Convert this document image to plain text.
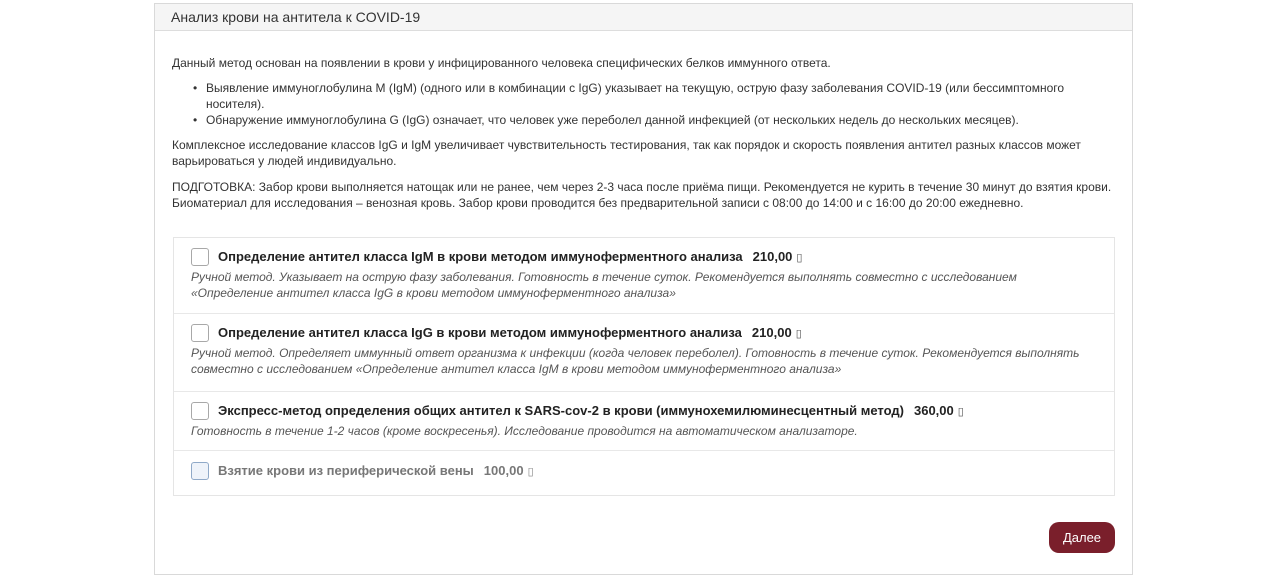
Анализ крови на антитела к COVID-19

Данный метод основан на появлении в крови у инфицированного человека специфических белков иммунного ответа.

• Выявление иммуноглобулина M (IgM) (одного или в комбинации с IgG) указывает на текущую, острую фазу заболевания COVID-19 (или бессимптомного носителя).
• Обнаружение иммуноглобулина G (IgG) означает, что человек уже переболел данной инфекцией (от нескольких недель до нескольких месяцев).

Комплексное исследование классов IgG и IgM увеличивает чувствительность тестирования, так как порядок и скорость появления антител разных классов может варьироваться у людей индивидуально.

ПОДГОТОВКА: Забор крови выполняется натощак или не ранее, чем через 2-3 часа после приёма пищи. Рекомендуется не курить в течение 30 минут до взятия крови. Биоматериал для исследования – венозная кровь. Забор крови проводится без предварительной записи с 08:00 до 14:00 и с 16:00 до 20:00 ежедневно.

Определение антител класса IgM в крови методом иммуноферментного анализа 210,00 ▯
Ручной метод. Указывает на острую фазу заболевания. Готовность в течение суток. Рекомендуется выполнять совместно с исследованием «Определение антител класса IgG в крови методом иммуноферментного анализа»
Определение антител класса IgG в крови методом иммуноферментного анализа 210,00 ▯
Ручной метод. Определяет иммунный ответ организма к инфекции (когда человек переболел). Готовность в течение суток. Рекомендуется выполнять совместно с исследованием «Определение антител класса IgM в крови методом иммуноферментного анализа»
Экспресс-метод определения общих антител к SARS-cov-2 в крови (иммунохемилюминесцентный метод) 360,00 ▯
Готовность в течение 1-2 часов (кроме воскресенья). Исследование проводится на автоматическом анализаторе.
Взятие крови из периферической вены 100,00 ▯
Далее
